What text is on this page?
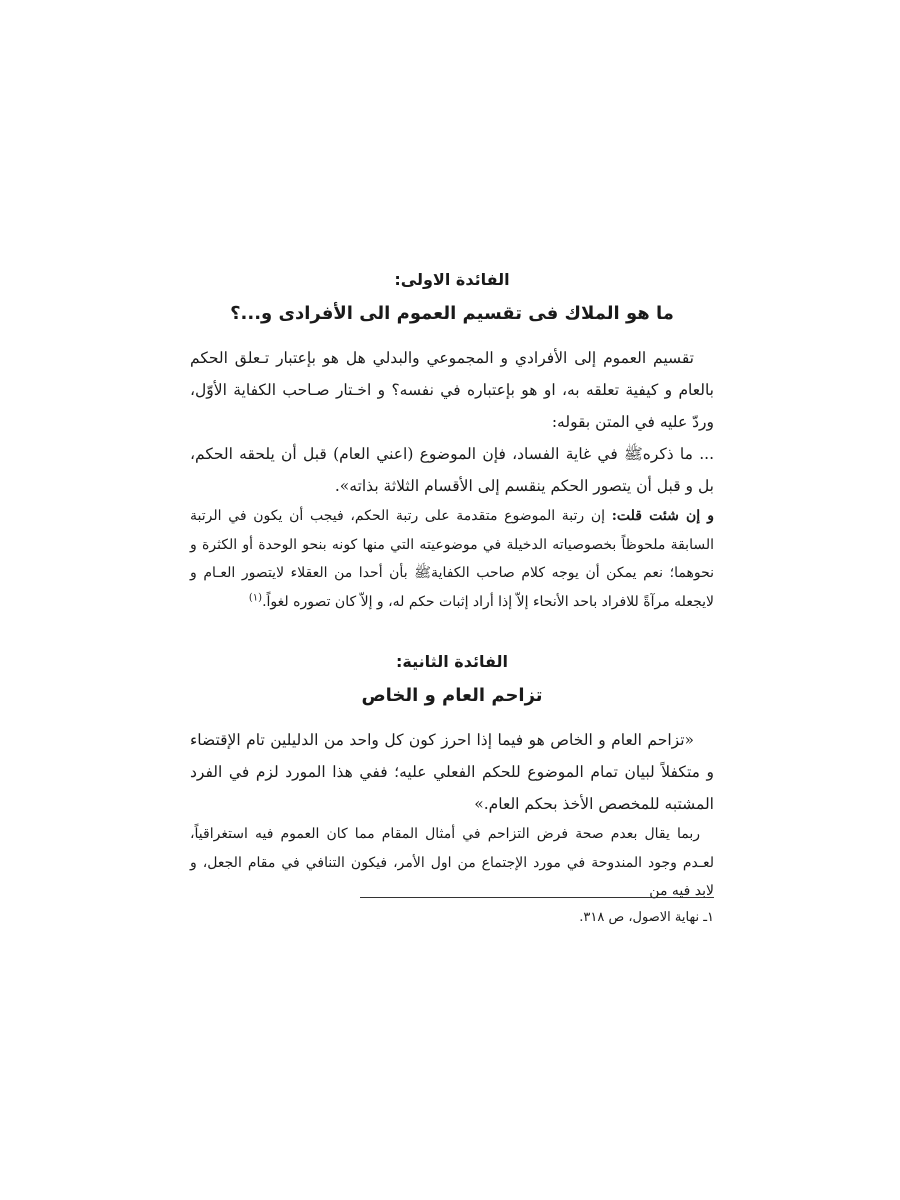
الفائدة الاولى:
ما هو الملاك فى تقسيم العموم الى الأفرادى و...؟

تقسيم العموم إلى الأفرادي و المجموعي والبدلي هل هو بإعتبار تـعلق الحكم بالعام و كيفية تعلقه به، او هو بإعتباره في نفسه؟ و اخـتار صـاحب الكفاية الأوّل، وردّ عليه في المتن بقوله:

... ما ذكرهﷺ في غاية الفساد، فإن الموضوع (اعني العام) قبل أن يلحقه الحكم، بل و قبل أن يتصور الحكم ينقسم إلى الأقسام الثلاثة بذاته».

و إن شئت قلت: إن رتبة الموضوع متقدمة على رتبة الحكم، فيجب أن يكون في الرتبة السابقة ملحوظاً بخصوصياته الدخيلة في موضوعيته التي منها كونه بنحو الوحدة أو الكثرة و نحوهما؛ نعم يمكن أن يوجه كلام صاحب الكفايةﷺ بأن أحدا من العقلاء لايتصور العـام و لايجعله مرآةً للافراد باحد الأنحاء إلاّ إذا أراد إثبات حكم له، و إلاّ كان تصوره لغواً.$^{(١)}$

الفائدة الثانية:
تزاحم العام و الخاص

«تزاحم العام و الخاص هو فيما إذا احرز كون كل واحد من الدليلين تام الإقتضاء و متكفلاً لبيان تمام الموضوع للحكم الفعلي عليه؛ ففي هذا المورد لزم في الفرد المشتبه للمخصص الأخذ بحكم العام.»

ربما يقال بعدم صحة فرض التزاحم في أمثال المقام مما كان العموم فيه استغراقياً، لعـدم وجود المندوحة في مورد الإجتماع من اول الأمر، فيكون التنافي في مقام الجعل، و لابد فيه من

١ـ نهاية الاصول، ص ٣١٨.
